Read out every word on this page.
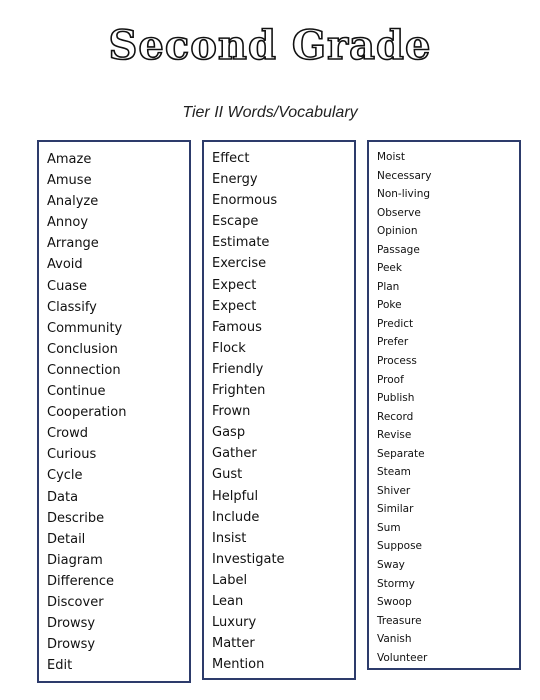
Second Grade
Tier II Words/Vocabulary
Amaze
Amuse
Analyze
Annoy
Arrange
Avoid
Cuase
Classify
Community
Conclusion
Connection
Continue
Cooperation
Crowd
Curious
Cycle
Data
Describe
Detail
Diagram
Difference
Discover
Drowsy
Drowsy
Edit
Effect
Energy
Enormous
Escape
Estimate
Exercise
Expect
Expect
Famous
Flock
Friendly
Frighten
Frown
Gasp
Gather
Gust
Helpful
Include
Insist
Investigate
Label
Lean
Luxury
Matter
Mention
Moist
Necessary
Non-living
Observe
Opinion
Passage
Peek
Plan
Poke
Predict
Prefer
Process
Proof
Publish
Record
Revise
Separate
Steam
Shiver
Similar
Sum
Suppose
Sway
Stormy
Swoop
Treasure
Vanish
Volunteer
